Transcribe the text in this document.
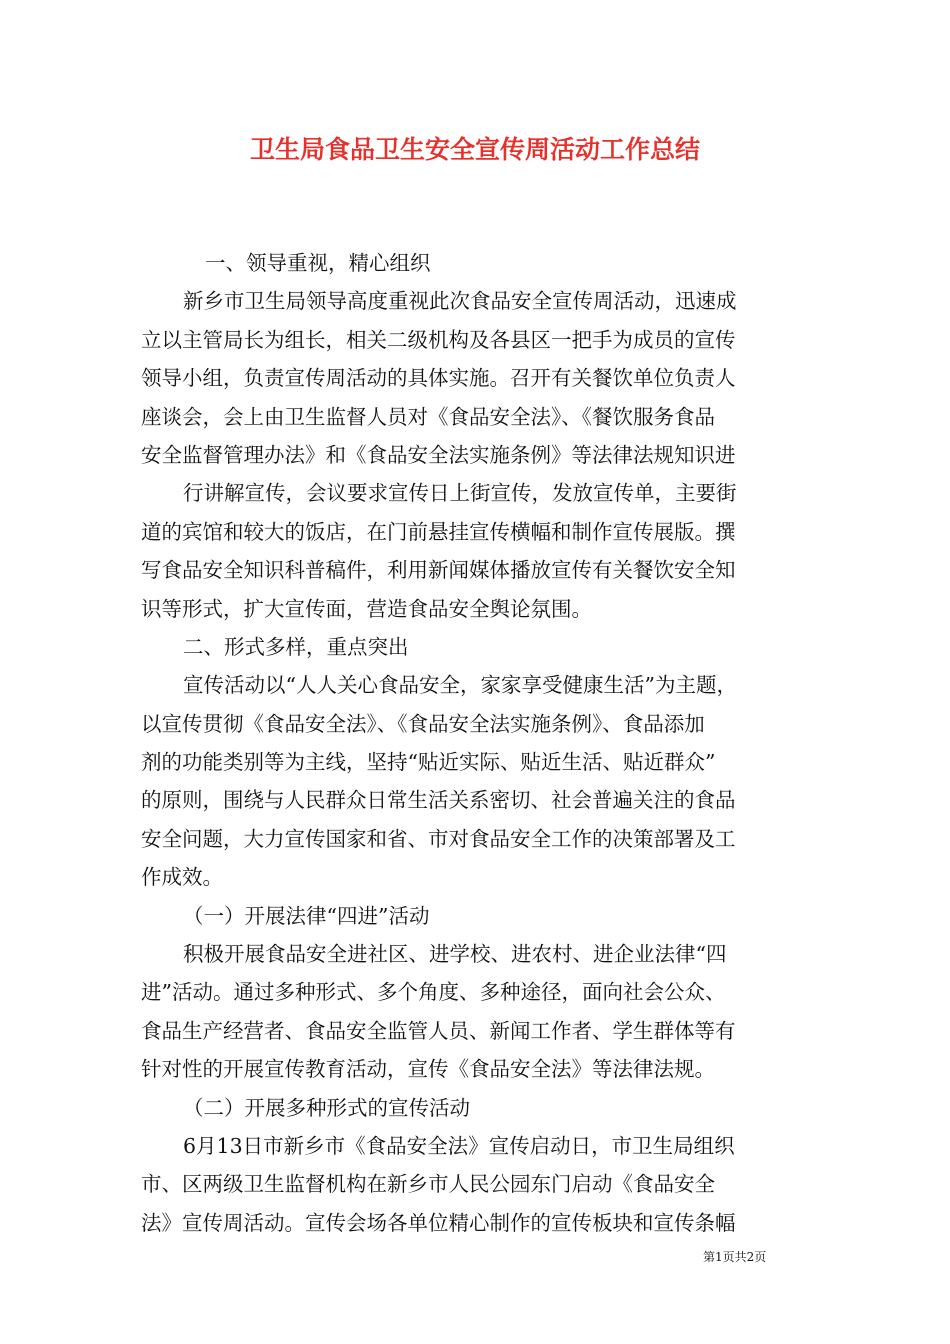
卫生局食品卫生安全宣传周活动工作总结
一、领导重视，精心组织
新乡市卫生局领导高度重视此次食品安全宣传周活动，迅速成
立以主管局长为组长，相关二级机构及各县区一把手为成员的宣传
领导小组，负责宣传周活动的具体实施。召开有关餐饮单位负责人
座谈会，会上由卫生监督人员对《食品安全法》、《餐饮服务食品
安全监督管理办法》和《食品安全法实施条例》等法律法规知识进
行讲解宣传，会议要求宣传日上街宣传，发放宣传单，主要街
道的宾馆和较大的饭店，在门前悬挂宣传横幅和制作宣传展版。撰
写食品安全知识科普稿件，利用新闻媒体播放宣传有关餐饮安全知
识等形式，扩大宣传面，营造食品安全舆论氛围。
二、形式多样，重点突出
宣传活动以“人人关心食品安全，家家享受健康生活”为主题，
以宣传贯彻《食品安全法》、《食品安全法实施条例》、食品添加
剂的功能类别等为主线，坚持“贴近实际、贴近生活、贴近群众”
的原则，围绕与人民群众日常生活关系密切、社会普遍关注的食品
安全问题，大力宣传国家和省、市对食品安全工作的决策部署及工
作成效。
（一）开展法律“四进”活动
积极开展食品安全进社区、进学校、进农村、进企业法律“四
进”活动。通过多种形式、多个角度、多种途径，面向社会公众、
食品生产经营者、食品安全监管人员、新闻工作者、学生群体等有
针对性的开展宣传教育活动，宣传《食品安全法》等法律法规。
（二）开展多种形式的宣传活动
6月13日市新乡市《食品安全法》宣传启动日，市卫生局组织
市、区两级卫生监督机构在新乡市人民公园东门启动《食品安全
法》宣传周活动。宣传会场各单位精心制作的宣传板块和宣传条幅
第1页共2页
